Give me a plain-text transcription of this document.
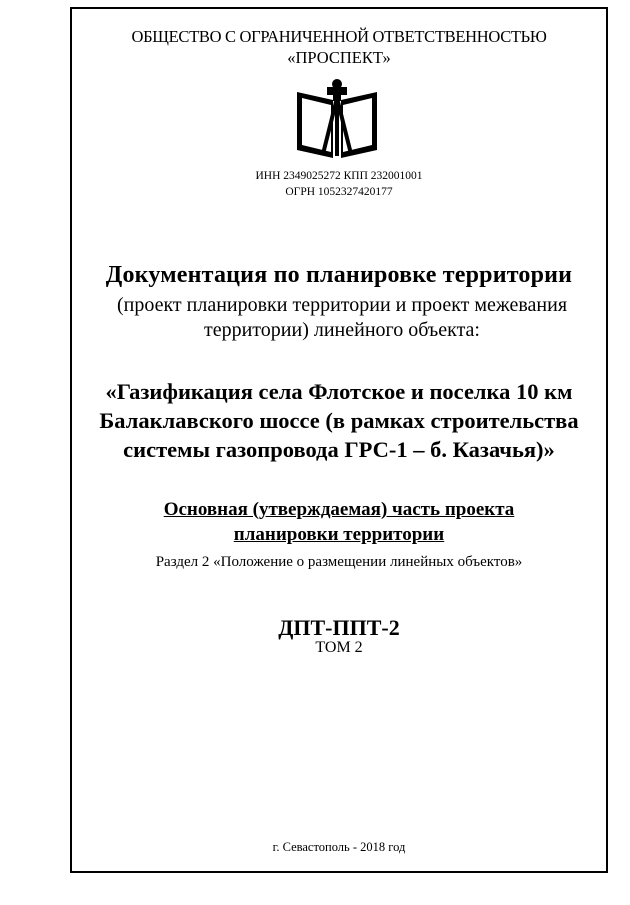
ОБЩЕСТВО С ОГРАНИЧЕННОЙ ОТВЕТСТВЕННОСТЬЮ
«ПРОСПЕКТ»
ИНН 2349025272 КПП 232001001
ОГРН 1052327420177
Документация по планировке территории
(проект планировки территории и проект межевания
территории) линейного объекта:
«Газификация села Флотское и поселка 10 км
Балаклавского шоссе (в рамках строительства
системы газопровода ГРС-1 – б. Казачья)»
Основная (утверждаемая) часть проекта
планировки территории
Раздел 2 «Положение о размещении линейных объектов»
ДПТ-ППТ-2
ТОМ 2
г. Севастополь - 2018 год
